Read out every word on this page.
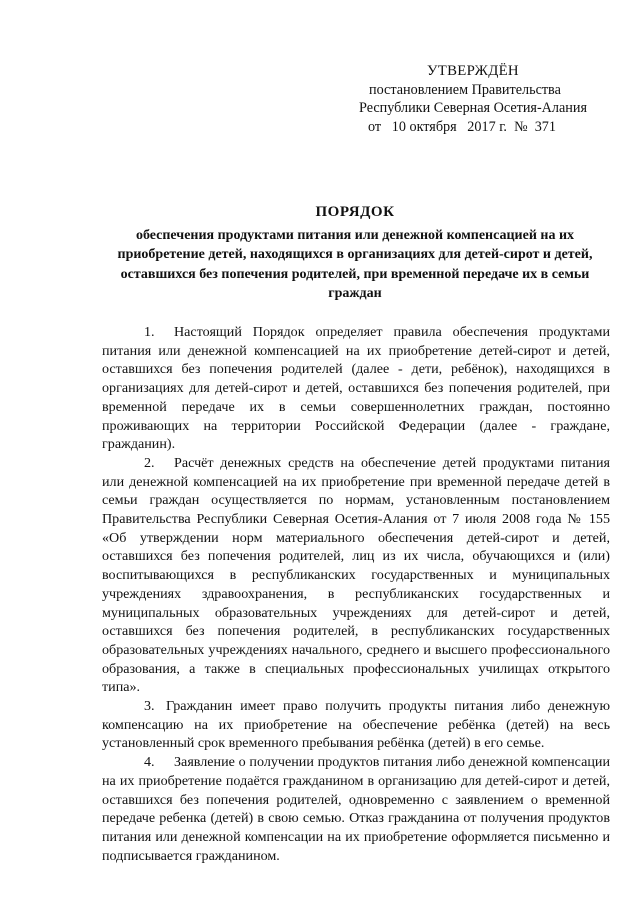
УТВЕРЖДЁН
постановлением Правительства
Республики Северная Осетия-Алания
от   10 октября   2017 г.  №  371
ПОРЯДОК
обеспечения продуктами питания или денежной компенсацией на их приобретение детей, находящихся в организациях для детей-сирот и детей, оставшихся без попечения родителей, при временной передаче их в семьи граждан

1. Настоящий Порядок определяет правила обеспечения продуктами питания или денежной компенсацией на их приобретение детей-сирот и детей, оставшихся без попечения родителей (далее - дети, ребёнок), находящихся в организациях для детей-сирот и детей, оставшихся без попечения родителей, при временной передаче их в семьи совершеннолетних граждан, постоянно проживающих на территории Российской Федерации (далее - граждане, гражданин).

2. Расчёт денежных средств на обеспечение детей продуктами питания или денежной компенсацией на их приобретение при временной передаче детей в семьи граждан осуществляется по нормам, установленным постановлением Правительства Республики Северная Осетия-Алания от 7 июля 2008 года № 155 «Об утверждении норм материального обеспечения детей-сирот и детей, оставшихся без попечения родителей, лиц из их числа, обучающихся и (или) воспитывающихся в республиканских государственных и муниципальных учреждениях здравоохранения, в республиканских государственных и муниципальных образовательных учреждениях для детей-сирот и детей, оставшихся без попечения родителей, в республиканских государственных образовательных учреждениях начального, среднего и высшего профессионального образования, а также в специальных профессиональных училищах открытого типа».

3. Гражданин имеет право получить продукты питания либо денежную компенсацию на их приобретение на обеспечение ребёнка (детей) на весь установленный срок временного пребывания ребёнка (детей) в его семье.

4. Заявление о получении продуктов питания либо денежной компенсации на их приобретение подаётся гражданином в организацию для детей-сирот и детей, оставшихся без попечения родителей, одновременно с заявлением о временной передаче ребенка (детей) в свою семью. Отказ гражданина от получения продуктов питания или денежной компенсации на их приобретение оформляется письменно и подписывается гражданином.
